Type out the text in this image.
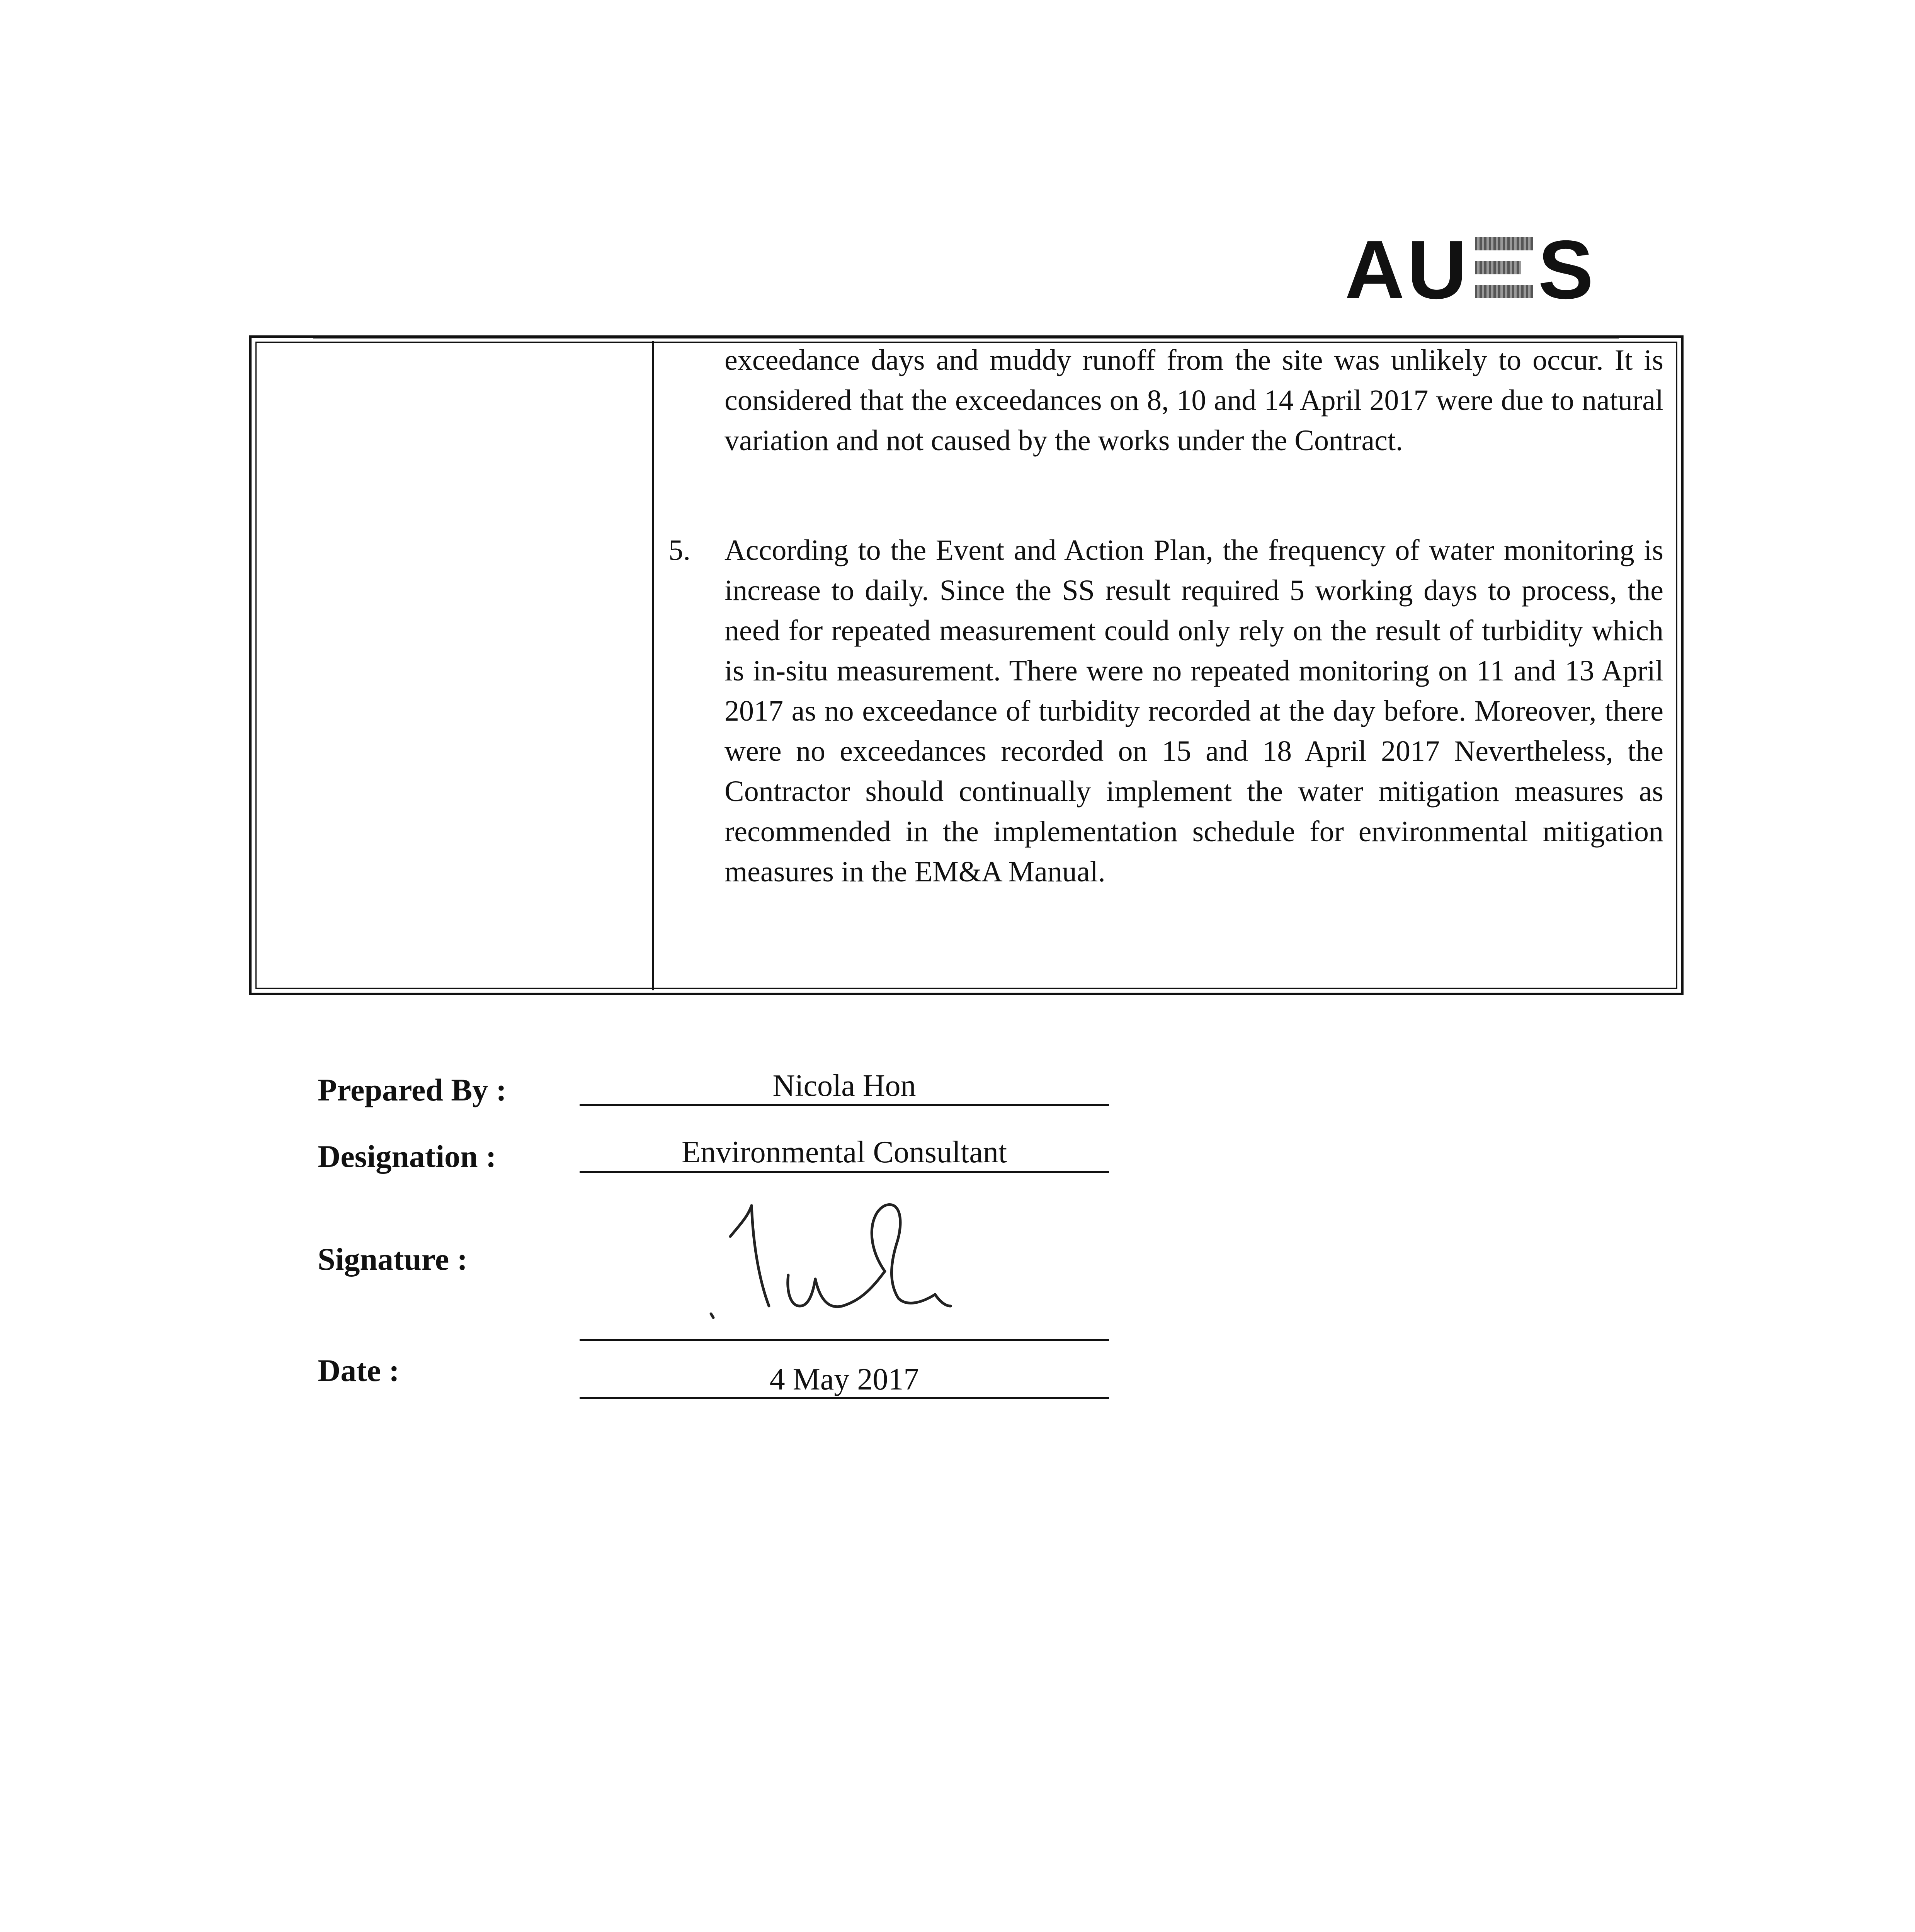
AU S
exceedance days and muddy runoff from the site was unlikely to occur. It is considered that the exceedances on 8, 10 and 14 April 2017 were due to natural variation and not caused by the works under the Contract.
5.	According to the Event and Action Plan, the frequency of water monitoring is increase to daily. Since the SS result required 5 working days to process, the need for repeated measurement could only rely on the result of turbidity which is in-situ measurement. There were no repeated monitoring on 11 and 13 April 2017 as no exceedance of turbidity recorded at the day before. Moreover, there were no exceedances recorded on 15 and 18 April 2017 Nevertheless, the Contractor should continually implement the water mitigation measures as recommended in the implementation schedule for environmental mitigation measures in the EM&A Manual.
Prepared By :	Nicola Hon
Designation :	Environmental Consultant
Signature :
Date :	4 May 2017
